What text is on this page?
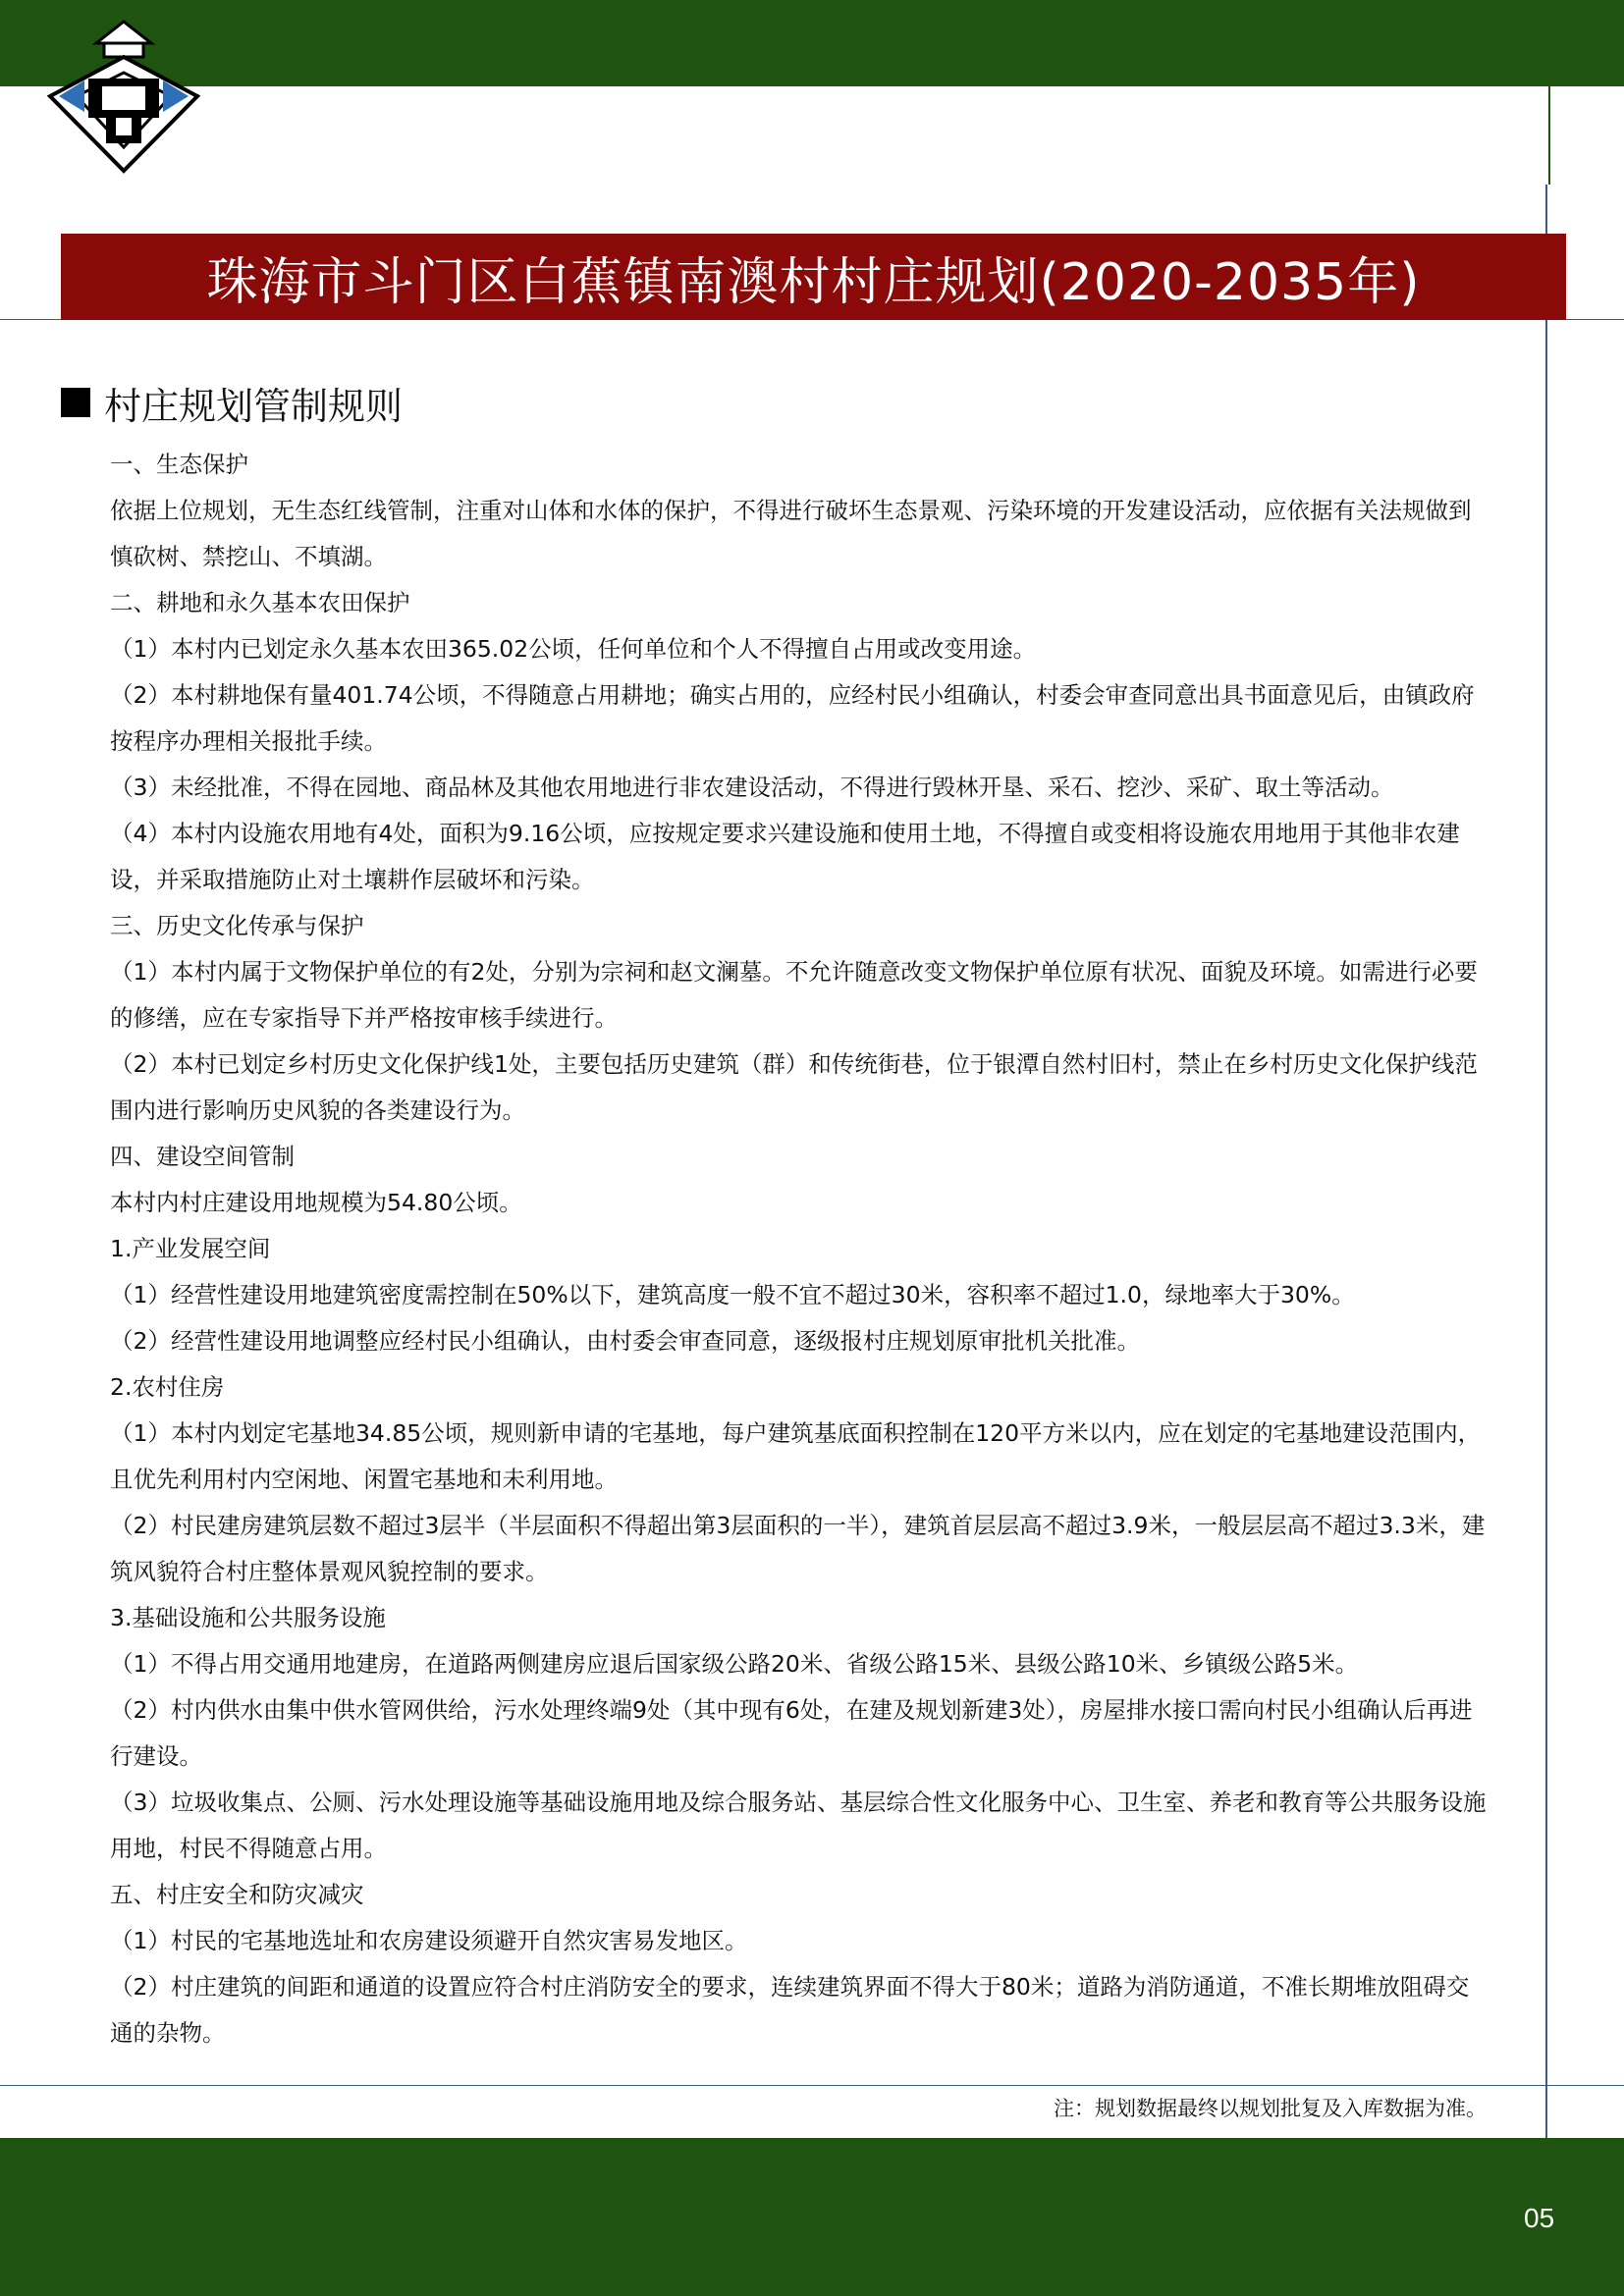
珠海市斗门区白蕉镇南澳村村庄规划(2020-2035年)
村庄规划管制规则

一、生态保护

依据上位规划，无生态红线管制，注重对山体和水体的保护，不得进行破坏生态景观、污染环境的开发建设活动，应依据有关法规做到慎砍树、禁挖山、不填湖。

二、耕地和永久基本农田保护

（1）本村内已划定永久基本农田365.02公顷，任何单位和个人不得擅自占用或改变用途。

（2）本村耕地保有量401.74公顷，不得随意占用耕地；确实占用的，应经村民小组确认，村委会审查同意出具书面意见后，由镇政府按程序办理相关报批手续。

（3）未经批准，不得在园地、商品林及其他农用地进行非农建设活动，不得进行毁林开垦、采石、挖沙、采矿、取土等活动。

（4）本村内设施农用地有4处，面积为9.16公顷，应按规定要求兴建设施和使用土地，不得擅自或变相将设施农用地用于其他非农建设，并采取措施防止对土壤耕作层破坏和污染。

三、历史文化传承与保护

（1）本村内属于文物保护单位的有2处，分别为宗祠和赵文澜墓。不允许随意改变文物保护单位原有状况、面貌及环境。如需进行必要的修缮，应在专家指导下并严格按审核手续进行。

（2）本村已划定乡村历史文化保护线1处，主要包括历史建筑（群）和传统街巷，位于银潭自然村旧村，禁止在乡村历史文化保护线范围内进行影响历史风貌的各类建设行为。

四、建设空间管制

本村内村庄建设用地规模为54.80公顷。

1.产业发展空间

（1）经营性建设用地建筑密度需控制在50%以下，建筑高度一般不宜不超过30米，容积率不超过1.0，绿地率大于30%。

（2）经营性建设用地调整应经村民小组确认，由村委会审查同意，逐级报村庄规划原审批机关批准。

2.农村住房

（1）本村内划定宅基地34.85公顷，规则新申请的宅基地，每户建筑基底面积控制在120平方米以内，应在划定的宅基地建设范围内，且优先利用村内空闲地、闲置宅基地和未利用地。

（2）村民建房建筑层数不超过3层半（半层面积不得超出第3层面积的一半），建筑首层层高不超过3.9米，一般层层高不超过3.3米，建筑风貌符合村庄整体景观风貌控制的要求。

3.基础设施和公共服务设施

（1）不得占用交通用地建房，在道路两侧建房应退后国家级公路20米、省级公路15米、县级公路10米、乡镇级公路5米。

（2）村内供水由集中供水管网供给，污水处理终端9处（其中现有6处，在建及规划新建3处），房屋排水接口需向村民小组确认后再进行建设。

（3）垃圾收集点、公厕、污水处理设施等基础设施用地及综合服务站、基层综合性文化服务中心、卫生室、养老和教育等公共服务设施用地，村民不得随意占用。

五、村庄安全和防灾减灾

（1）村民的宅基地选址和农房建设须避开自然灾害易发地区。

（2）村庄建筑的间距和通道的设置应符合村庄消防安全的要求，连续建筑界面不得大于80米；道路为消防通道，不准长期堆放阻碍交通的杂物。

注：规划数据最终以规划批复及入库数据为准。
05
